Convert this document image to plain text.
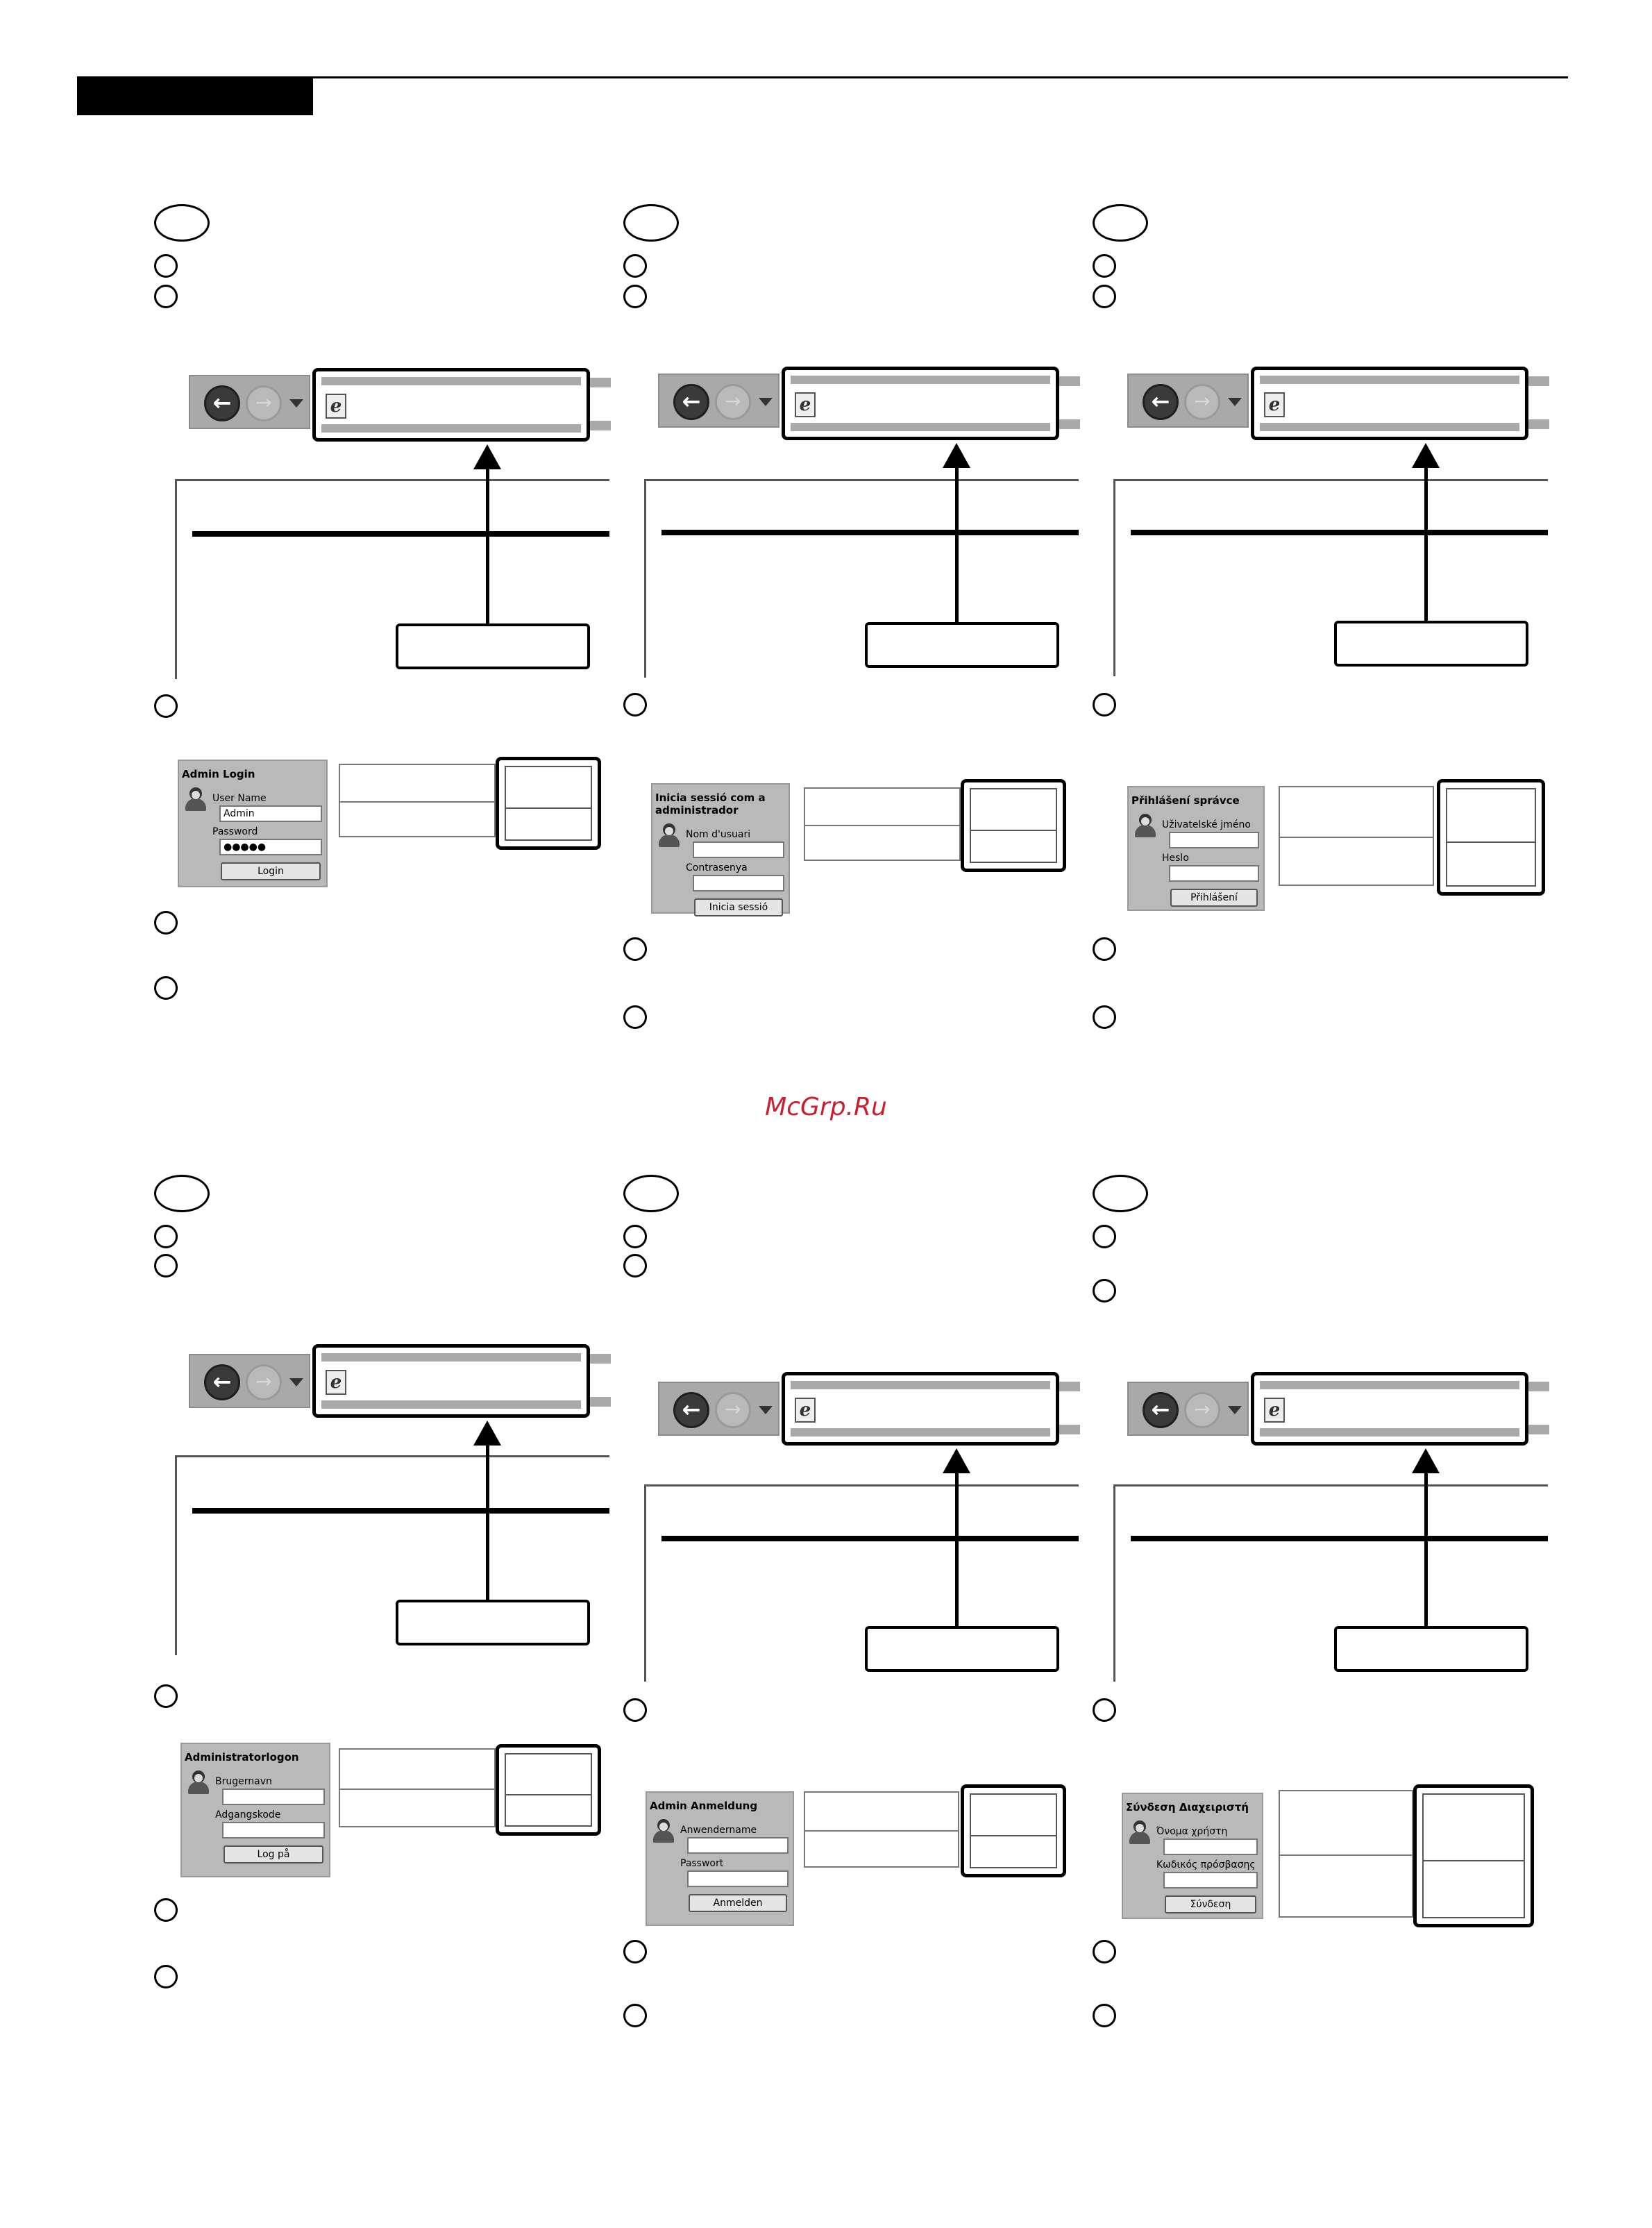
McGrp.Ru
←	→	e
Admin Login
User Name
Admin
Password
●●●●●
Login
←	→	e
Inicia sessió com a
administrador
Nom d'usuari
Contrasenya
Inicia sessió
←	→	e
Přihlášení správce
Uživatelské jméno
Heslo
Přihlášení
←	→	e
Administratorlogon
Brugernavn
Adgangskode
Log på
←	→	e
Admin Anmeldung
Anwendername
Passwort
Anmelden
←	→	e
Σύνδεση Διαχειριστή
Όνομα χρήστη
Κωδικός πρόσβασης
Σύνδεση
